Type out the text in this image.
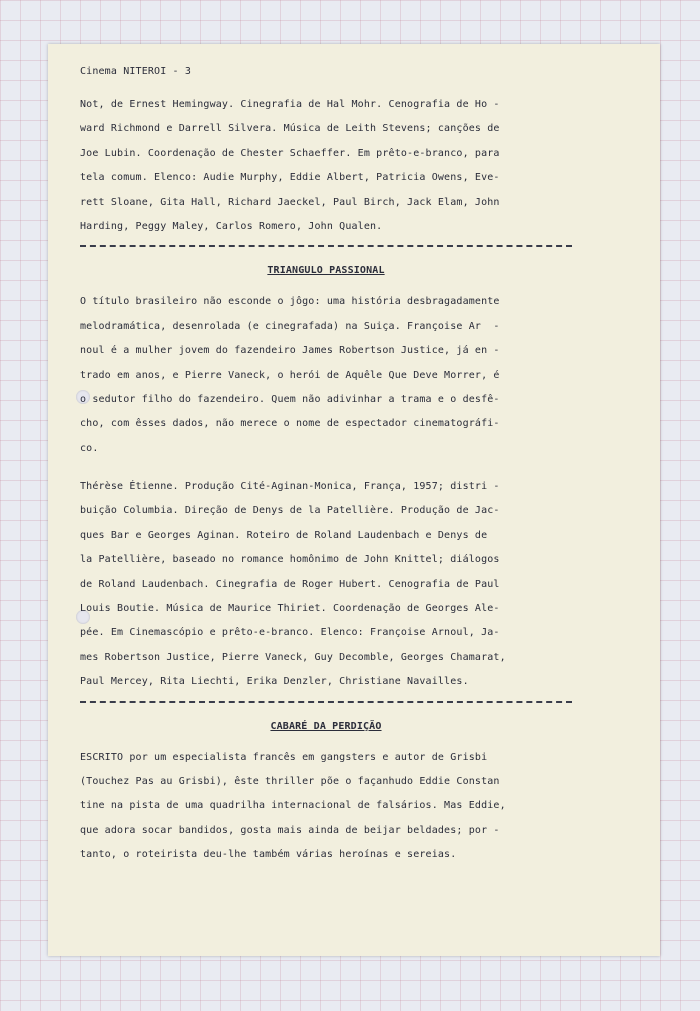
Cinema NITEROI - 3
Not, de Ernest Hemingway. Cinegrafia de Hal Mohr. Cenografia de Ho -
ward Richmond e Darrell Silvera. Música de Leith Stevens; canções de
Joe Lubin. Coordenação de Chester Schaeffer. Em prêto-e-branco, para
tela comum. Elenco: Audie Murphy, Eddie Albert, Patricia Owens, Eve-
rett Sloane, Gita Hall, Richard Jaeckel, Paul Birch, Jack Elam, John
Harding, Peggy Maley, Carlos Romero, John Qualen.
TRIANGULO PASSIONAL
O título brasileiro não esconde o jôgo: uma história desbragadamente
melodramática, desenrolada (e cinegrafada) na Suiça. Françoise Ar  -
noul é a mulher jovem do fazendeiro James Robertson Justice, já en -
trado em anos, e Pierre Vaneck, o herói de Aquêle Que Deve Morrer, é
o sedutor filho do fazendeiro. Quem não adivinhar a trama e o desfê-
cho, com êsses dados, não merece o nome de espectador cinematográfi-
co.
Thérèse Étienne. Produção Cité-Aginan-Monica, França, 1957; distri -
buição Columbia. Direção de Denys de la Patellière. Produção de Jac-
ques Bar e Georges Aginan. Roteiro de Roland Laudenbach e Denys de
la Patellière, baseado no romance homônimo de John Knittel; diálogos
de Roland Laudenbach. Cinegrafia de Roger Hubert. Cenografia de Paul
Louis Boutie. Música de Maurice Thiriet. Coordenação de Georges Ale-
pée. Em Cinemascópio e prêto-e-branco. Elenco: Françoise Arnoul, Ja-
mes Robertson Justice, Pierre Vaneck, Guy Decomble, Georges Chamarat,
Paul Mercey, Rita Liechti, Erika Denzler, Christiane Navailles.
CABARÉ DA PERDIÇÃO
ESCRITO por um especialista francês em gangsters e autor de Grisbi
(Touchez Pas au Grisbi), êste thriller põe o façanhudo Eddie Constan
tine na pista de uma quadrilha internacional de falsários. Mas Eddie,
que adora socar bandidos, gosta mais ainda de beijar beldades; por -
tanto, o roteirista deu-lhe também várias heroínas e sereias.
